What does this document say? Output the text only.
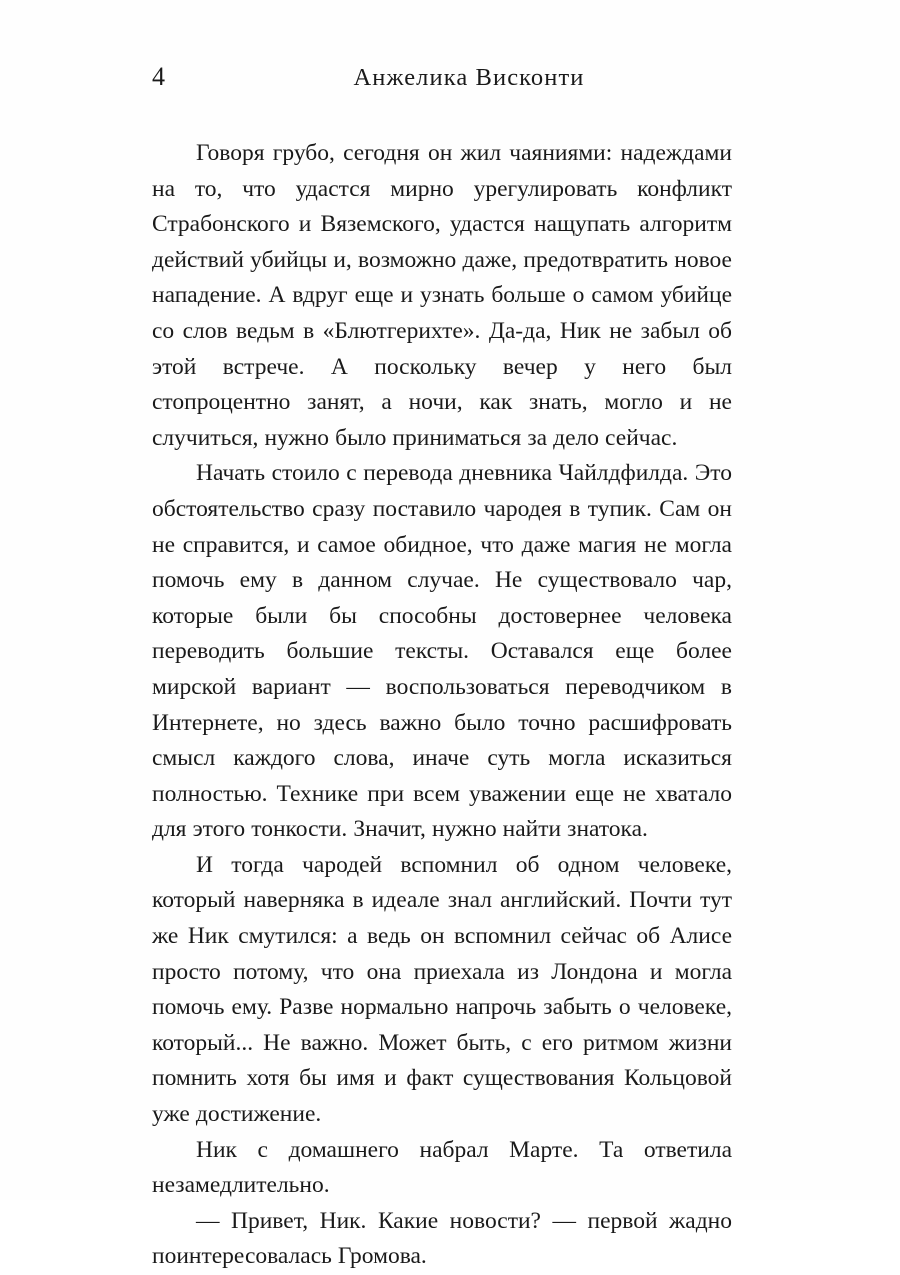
4	Анжелика Висконти

Говоря грубо, сегодня он жил чаяниями: надеждами на то, что удастся мирно урегулировать конфликт Страбонского и Вяземского, удастся нащупать алгоритм действий убийцы и, возможно даже, предотвратить новое нападение. А вдруг еще и узнать больше о самом убийце со слов ведьм в «Блютгерихте». Да-да, Ник не забыл об этой встрече. А поскольку вечер у него был стопроцентно занят, а ночи, как знать, могло и не случиться, нужно было приниматься за дело сейчас.

Начать стоило с перевода дневника Чайлдфилда. Это обстоятельство сразу поставило чародея в тупик. Сам он не справится, и самое обидное, что даже магия не могла помочь ему в данном случае. Не существовало чар, которые были бы способны достовернее человека переводить большие тексты. Оставался еще более мирской вариант — воспользоваться переводчиком в Интернете, но здесь важно было точно расшифровать смысл каждого слова, иначе суть могла исказиться полностью. Технике при всем уважении еще не хватало для этого тонкости. Значит, нужно найти знатока.

И тогда чародей вспомнил об одном человеке, который наверняка в идеале знал английский. Почти тут же Ник смутился: а ведь он вспомнил сейчас об Алисе просто потому, что она приехала из Лондона и могла помочь ему. Разве нормально напрочь забыть о человеке, который... Не важно. Может быть, с его ритмом жизни помнить хотя бы имя и факт существования Кольцовой уже достижение.

Ник с домашнего набрал Марте. Та ответила незамедлительно.

— Привет, Ник. Какие новости? — первой жадно поинтересовалась Громова.
